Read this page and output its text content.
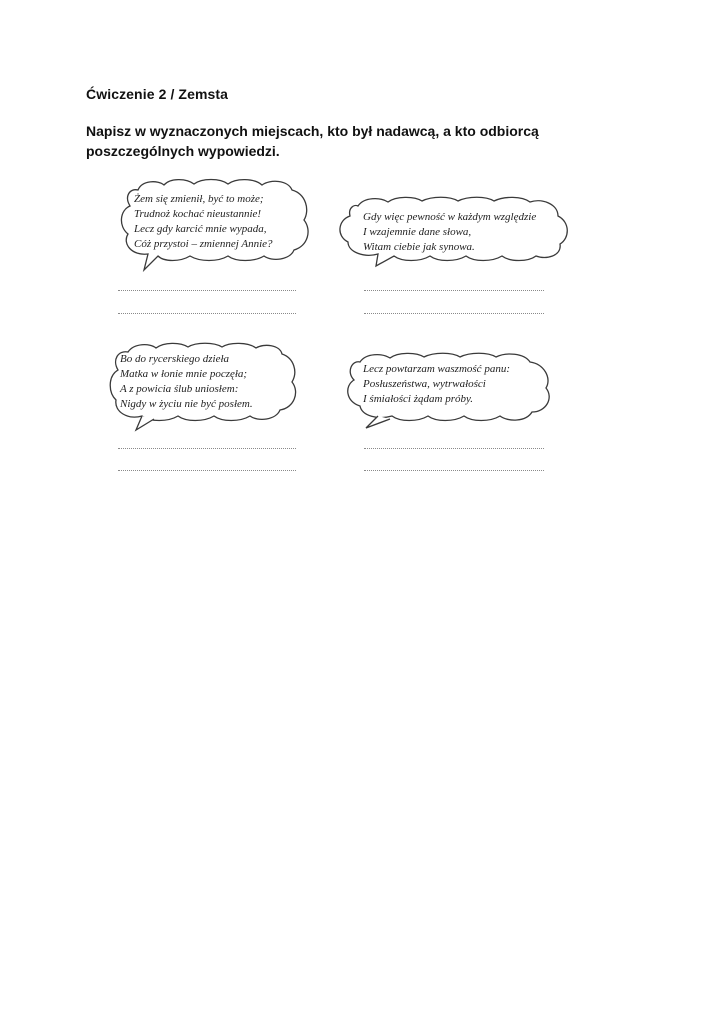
Ćwiczenie 2 / Zemsta
Napisz w wyznaczonych miejscach, kto był nadawcą, a kto odbiorcą poszczególnych wypowiedzi.
Żem się zmienił, być to może;
Trudnoż kochać nieustannie!
Lecz gdy karcić mnie wypada,
Cóż przystoi – zmiennej Annie?
Gdy więc pewność w każdym względzie
I wzajemnie dane słowa,
Witam ciebie jak synowa.
Bo do rycerskiego dzieła
Matka w łonie mnie poczęła;
A z powicia ślub uniosłem:
Nigdy w życiu nie być posłem.
Lecz powtarzam waszmość panu:
Posłuszeństwa, wytrwałości
I śmiałości żądam próby.
